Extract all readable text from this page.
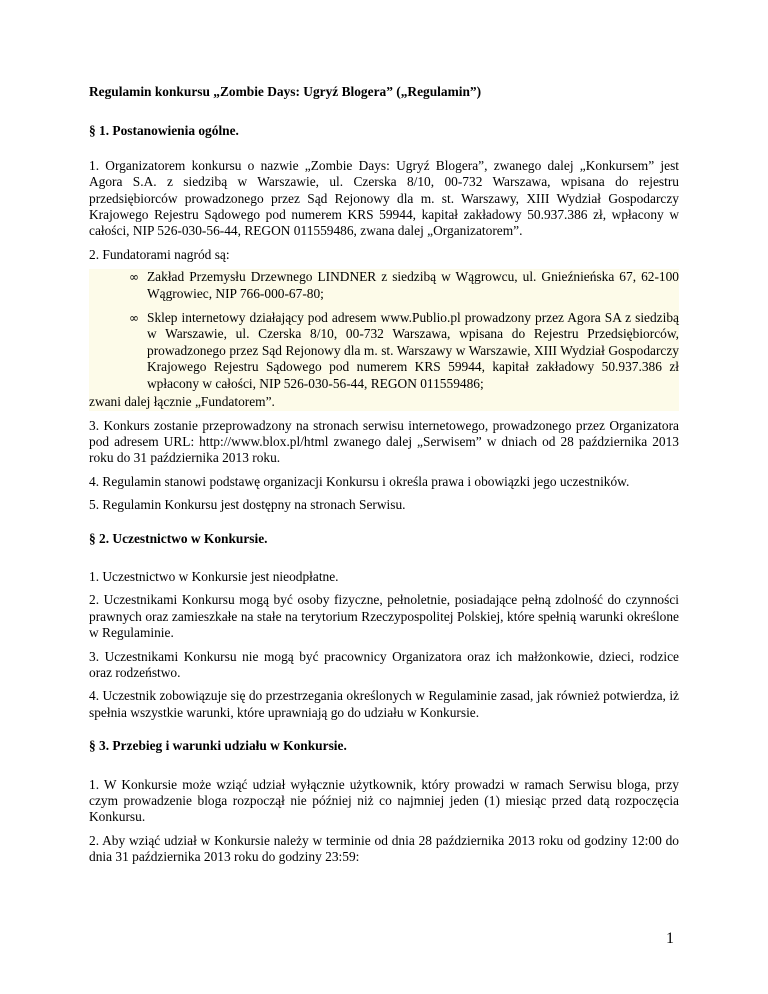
Regulamin konkursu „Zombie Days: Ugryź Blogera” („Regulamin”)

§ 1. Postanowienia ogólne.

1. Organizatorem konkursu o nazwie „Zombie Days: Ugryź Blogera”, zwanego dalej „Konkursem” jest Agora S.A. z siedzibą w Warszawie, ul. Czerska 8/10, 00-732 Warszawa, wpisana do rejestru przedsiębiorców prowadzonego przez Sąd Rejonowy dla m. st. Warszawy, XIII Wydział Gospodarczy Krajowego Rejestru Sądowego pod numerem KRS 59944, kapitał zakładowy 50.937.386 zł, wpłacony w całości, NIP 526-030-56-44, REGON 011559486, zwana dalej „Organizatorem”.

2. Fundatorami nagród są:

∞ Zakład Przemysłu Drzewnego LINDNER z siedzibą w Wągrowcu, ul. Gnieźnieńska 67, 62-100 Wągrowiec, NIP 766-000-67-80;
∞ Sklep internetowy działający pod adresem www.Publio.pl prowadzony przez Agora SA z siedzibą w Warszawie, ul. Czerska 8/10, 00-732 Warszawa, wpisana do Rejestru Przedsiębiorców, prowadzonego przez Sąd Rejonowy dla m. st. Warszawy w Warszawie, XIII Wydział Gospodarczy Krajowego Rejestru Sądowego pod numerem KRS 59944, kapitał zakładowy 50.937.386 zł wpłacony w całości, NIP 526-030-56-44, REGON 011559486;

zwani dalej łącznie „Fundatorem”.

3. Konkurs zostanie przeprowadzony na stronach serwisu internetowego, prowadzonego przez Organizatora pod adresem URL: http://www.blox.pl/html zwanego dalej „Serwisem” w dniach od 28 października 2013 roku do 31 października 2013 roku.

4. Regulamin stanowi podstawę organizacji Konkursu i określa prawa i obowiązki jego uczestników.

5. Regulamin Konkursu jest dostępny na stronach Serwisu.

§ 2. Uczestnictwo w Konkursie.

1. Uczestnictwo w Konkursie jest nieodpłatne.

2. Uczestnikami Konkursu mogą być osoby fizyczne, pełnoletnie, posiadające pełną zdolność do czynności prawnych oraz zamieszkałe na stałe na terytorium Rzeczypospolitej Polskiej, które spełnią warunki określone w Regulaminie.

3. Uczestnikami Konkursu nie mogą być pracownicy Organizatora oraz ich małżonkowie, dzieci, rodzice oraz rodzeństwo.

4. Uczestnik zobowiązuje się do przestrzegania określonych w Regulaminie zasad, jak również potwierdza, iż spełnia wszystkie warunki, które uprawniają go do udziału w Konkursie.

§ 3. Przebieg i warunki udziału w Konkursie.

1. W Konkursie może wziąć udział wyłącznie użytkownik, który prowadzi w ramach Serwisu bloga, przy czym prowadzenie bloga rozpoczął nie później niż co najmniej jeden (1) miesiąc przed datą rozpoczęcia Konkursu.

2. Aby wziąć udział w Konkursie należy w terminie od dnia 28 października 2013 roku od godziny 12:00 do dnia 31 października 2013 roku do godziny 23:59:

1
